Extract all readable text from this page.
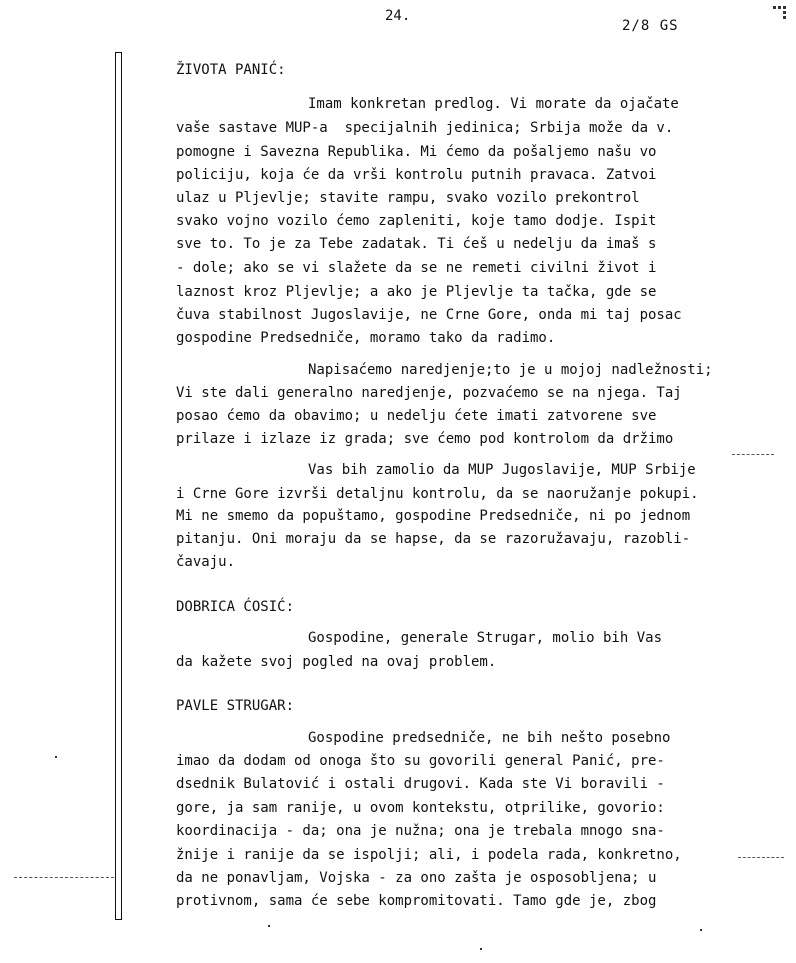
24.
2/8 GS
ŽIVOTA PANIĆ:
Imam konkretan predlog. Vi morate da ojačate
vaše sastave MUP-a  specijalnih jedinica; Srbija može da v.
pomogne i Savezna Republika. Mi ćemo da pošaljemo našu vo
policiju, koja će da vrši kontrolu putnih pravaca. Zatvoi
ulaz u Pljevlje; stavite rampu, svako vozilo prekontrol
svako vojno vozilo ćemo zapleniti, koje tamo dodje. Ispit
sve to. To je za Tebe zadatak. Ti ćeš u nedelju da imaš s
- dole; ako se vi slažete da se ne remeti civilni život i
laznost kroz Pljevlje; a ako je Pljevlje ta tačka, gde se
čuva stabilnost Jugoslavije, ne Crne Gore, onda mi taj posac
gospodine Predsedniče, moramo tako da radimo.
Napisaćemo naredjenje;to je u mojoj nadležnosti;
Vi ste dali generalno naredjenje, pozvaćemo se na njega. Taj
posao ćemo da obavimo; u nedelju ćete imati zatvorene sve
prilaze i izlaze iz grada; sve ćemo pod kontrolom da držimo
Vas bih zamolio da MUP Jugoslavije, MUP Srbije
i Crne Gore izvrši detaljnu kontrolu, da se naoružanje pokupi.
Mi ne smemo da popuštamo, gospodine Predsedniče, ni po jednom
pitanju. Oni moraju da se hapse, da se razoružavaju, razobli-
čavaju.
DOBRICA ĆOSIĆ:
Gospodine, generale Strugar, molio bih Vas
da kažete svoj pogled na ovaj problem.
PAVLE STRUGAR:
Gospodine predsedniče, ne bih nešto posebno
imao da dodam od onoga što su govorili general Panić, pre-
dsednik Bulatović i ostali drugovi. Kada ste Vi boravili -
gore, ja sam ranije, u ovom kontekstu, otprilike, govorio:
koordinacija - da; ona je nužna; ona je trebala mnogo sna-
žnije i ranije da se ispolji; ali, i podela rada, konkretno,
da ne ponavljam, Vojska - za ono zašta je osposobljena; u
protivnom, sama će sebe kompromitovati. Tamo gde je, zbog
